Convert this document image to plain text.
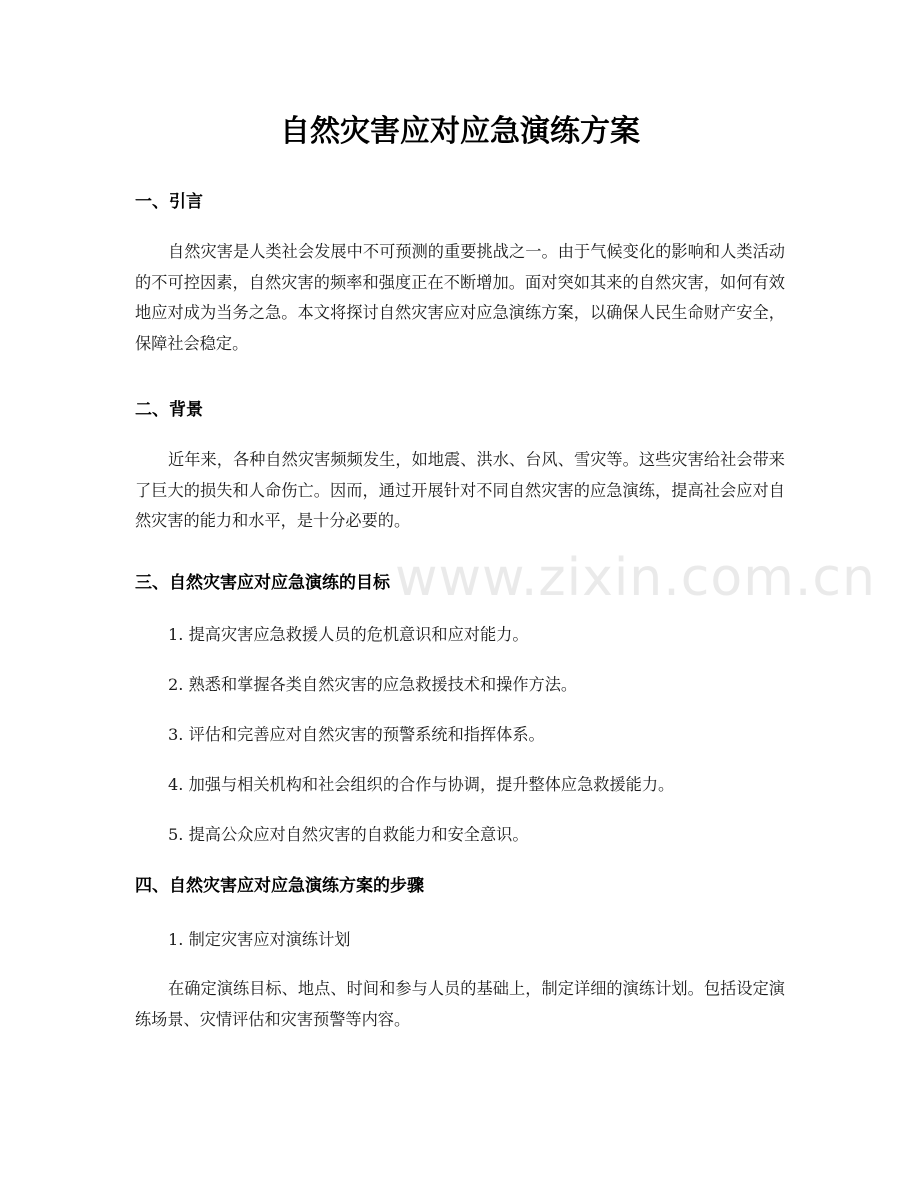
自然灾害应对应急演练方案
一、引言

自然灾害是人类社会发展中不可预测的重要挑战之一。由于气候变化的影响和人类活动的不可控因素，自然灾害的频率和强度正在不断增加。面对突如其来的自然灾害，如何有效地应对成为当务之急。本文将探讨自然灾害应对应急演练方案，以确保人民生命财产安全，保障社会稳定。

二、背景

近年来，各种自然灾害频频发生，如地震、洪水、台风、雪灾等。这些灾害给社会带来了巨大的损失和人命伤亡。因而，通过开展针对不同自然灾害的应急演练，提高社会应对自然灾害的能力和水平，是十分必要的。

三、自然灾害应对应急演练的目标

1. 提高灾害应急救援人员的危机意识和应对能力。

2. 熟悉和掌握各类自然灾害的应急救援技术和操作方法。

3. 评估和完善应对自然灾害的预警系统和指挥体系。

4. 加强与相关机构和社会组织的合作与协调，提升整体应急救援能力。

5. 提高公众应对自然灾害的自救能力和安全意识。

四、自然灾害应对应急演练方案的步骤

1. 制定灾害应对演练计划

在确定演练目标、地点、时间和参与人员的基础上，制定详细的演练计划。包括设定演练场景、灾情评估和灾害预警等内容。

www.zixin.com.cn
